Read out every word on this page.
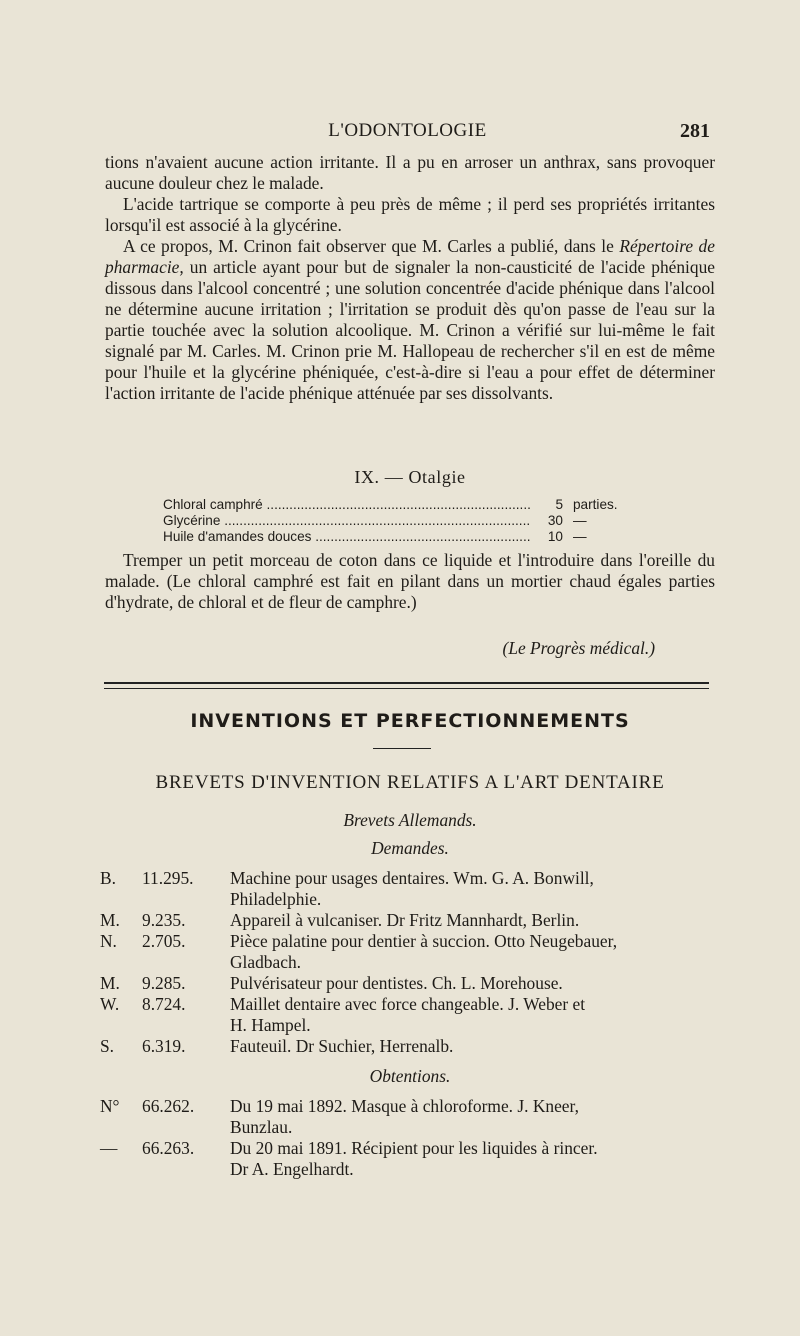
L'ODONTOLOGIE	281

tions n'avaient aucune action irritante. Il a pu en arroser un anthrax, sans provoquer aucune douleur chez le malade.

L'acide tartrique se comporte à peu près de même ; il perd ses propriétés irritantes lorsqu'il est associé à la glycérine.

A ce propos, M. Crinon fait observer que M. Carles a publié, dans le Répertoire de pharmacie, un article ayant pour but de signaler la non-causticité de l'acide phénique dissous dans l'alcool concentré ; une solution concentrée d'acide phénique dans l'alcool ne détermine aucune irritation ; l'irritation se produit dès qu'on passe de l'eau sur la partie touchée avec la solution alcoolique. M. Crinon a vérifié sur lui-même le fait signalé par M. Carles. M. Crinon prie M. Hallopeau de rechercher s'il en est de même pour l'huile et la glycérine phéniquée, c'est-à-dire si l'eau a pour effet de déterminer l'action irritante de l'acide phénique atténuée par ses dissolvants.

IX. — Otalgie
Chloral camphré .....	5 parties.
Glycérine .....	30 —
Huile d'amandes douces .....	10 —

Tremper un petit morceau de coton dans ce liquide et l'introduire dans l'oreille du malade. (Le chloral camphré est fait en pilant dans un mortier chaud égales parties d'hydrate, de chloral et de fleur de camphre.)

(Le Progrès médical.)
INVENTIONS ET PERFECTIONNEMENTS
BREVETS D'INVENTION RELATIFS A L'ART DENTAIRE
Brevets Allemands.
Demandes.
B.	11.295.	Machine pour usages dentaires. Wm. G. A. Bonwill,
Philadelphie.
M.	9.235.	Appareil à vulcaniser. Dr Fritz Mannhardt, Berlin.
N.	2.705.	Pièce palatine pour dentier à succion. Otto Neugebauer,
Gladbach.
M.	9.285.	Pulvérisateur pour dentistes. Ch. L. Morehouse.
W.	8.724.	Maillet dentaire avec force changeable. J. Weber et
H. Hampel.
S.	6.319.	Fauteuil. Dr Suchier, Herrenalb.
Obtentions.
N°	66.262.	Du 19 mai 1892. Masque à chloroforme. J. Kneer,
Bunzlau.
—	66.263.	Du 20 mai 1891. Récipient pour les liquides à rincer.
Dr A. Engelhardt.
